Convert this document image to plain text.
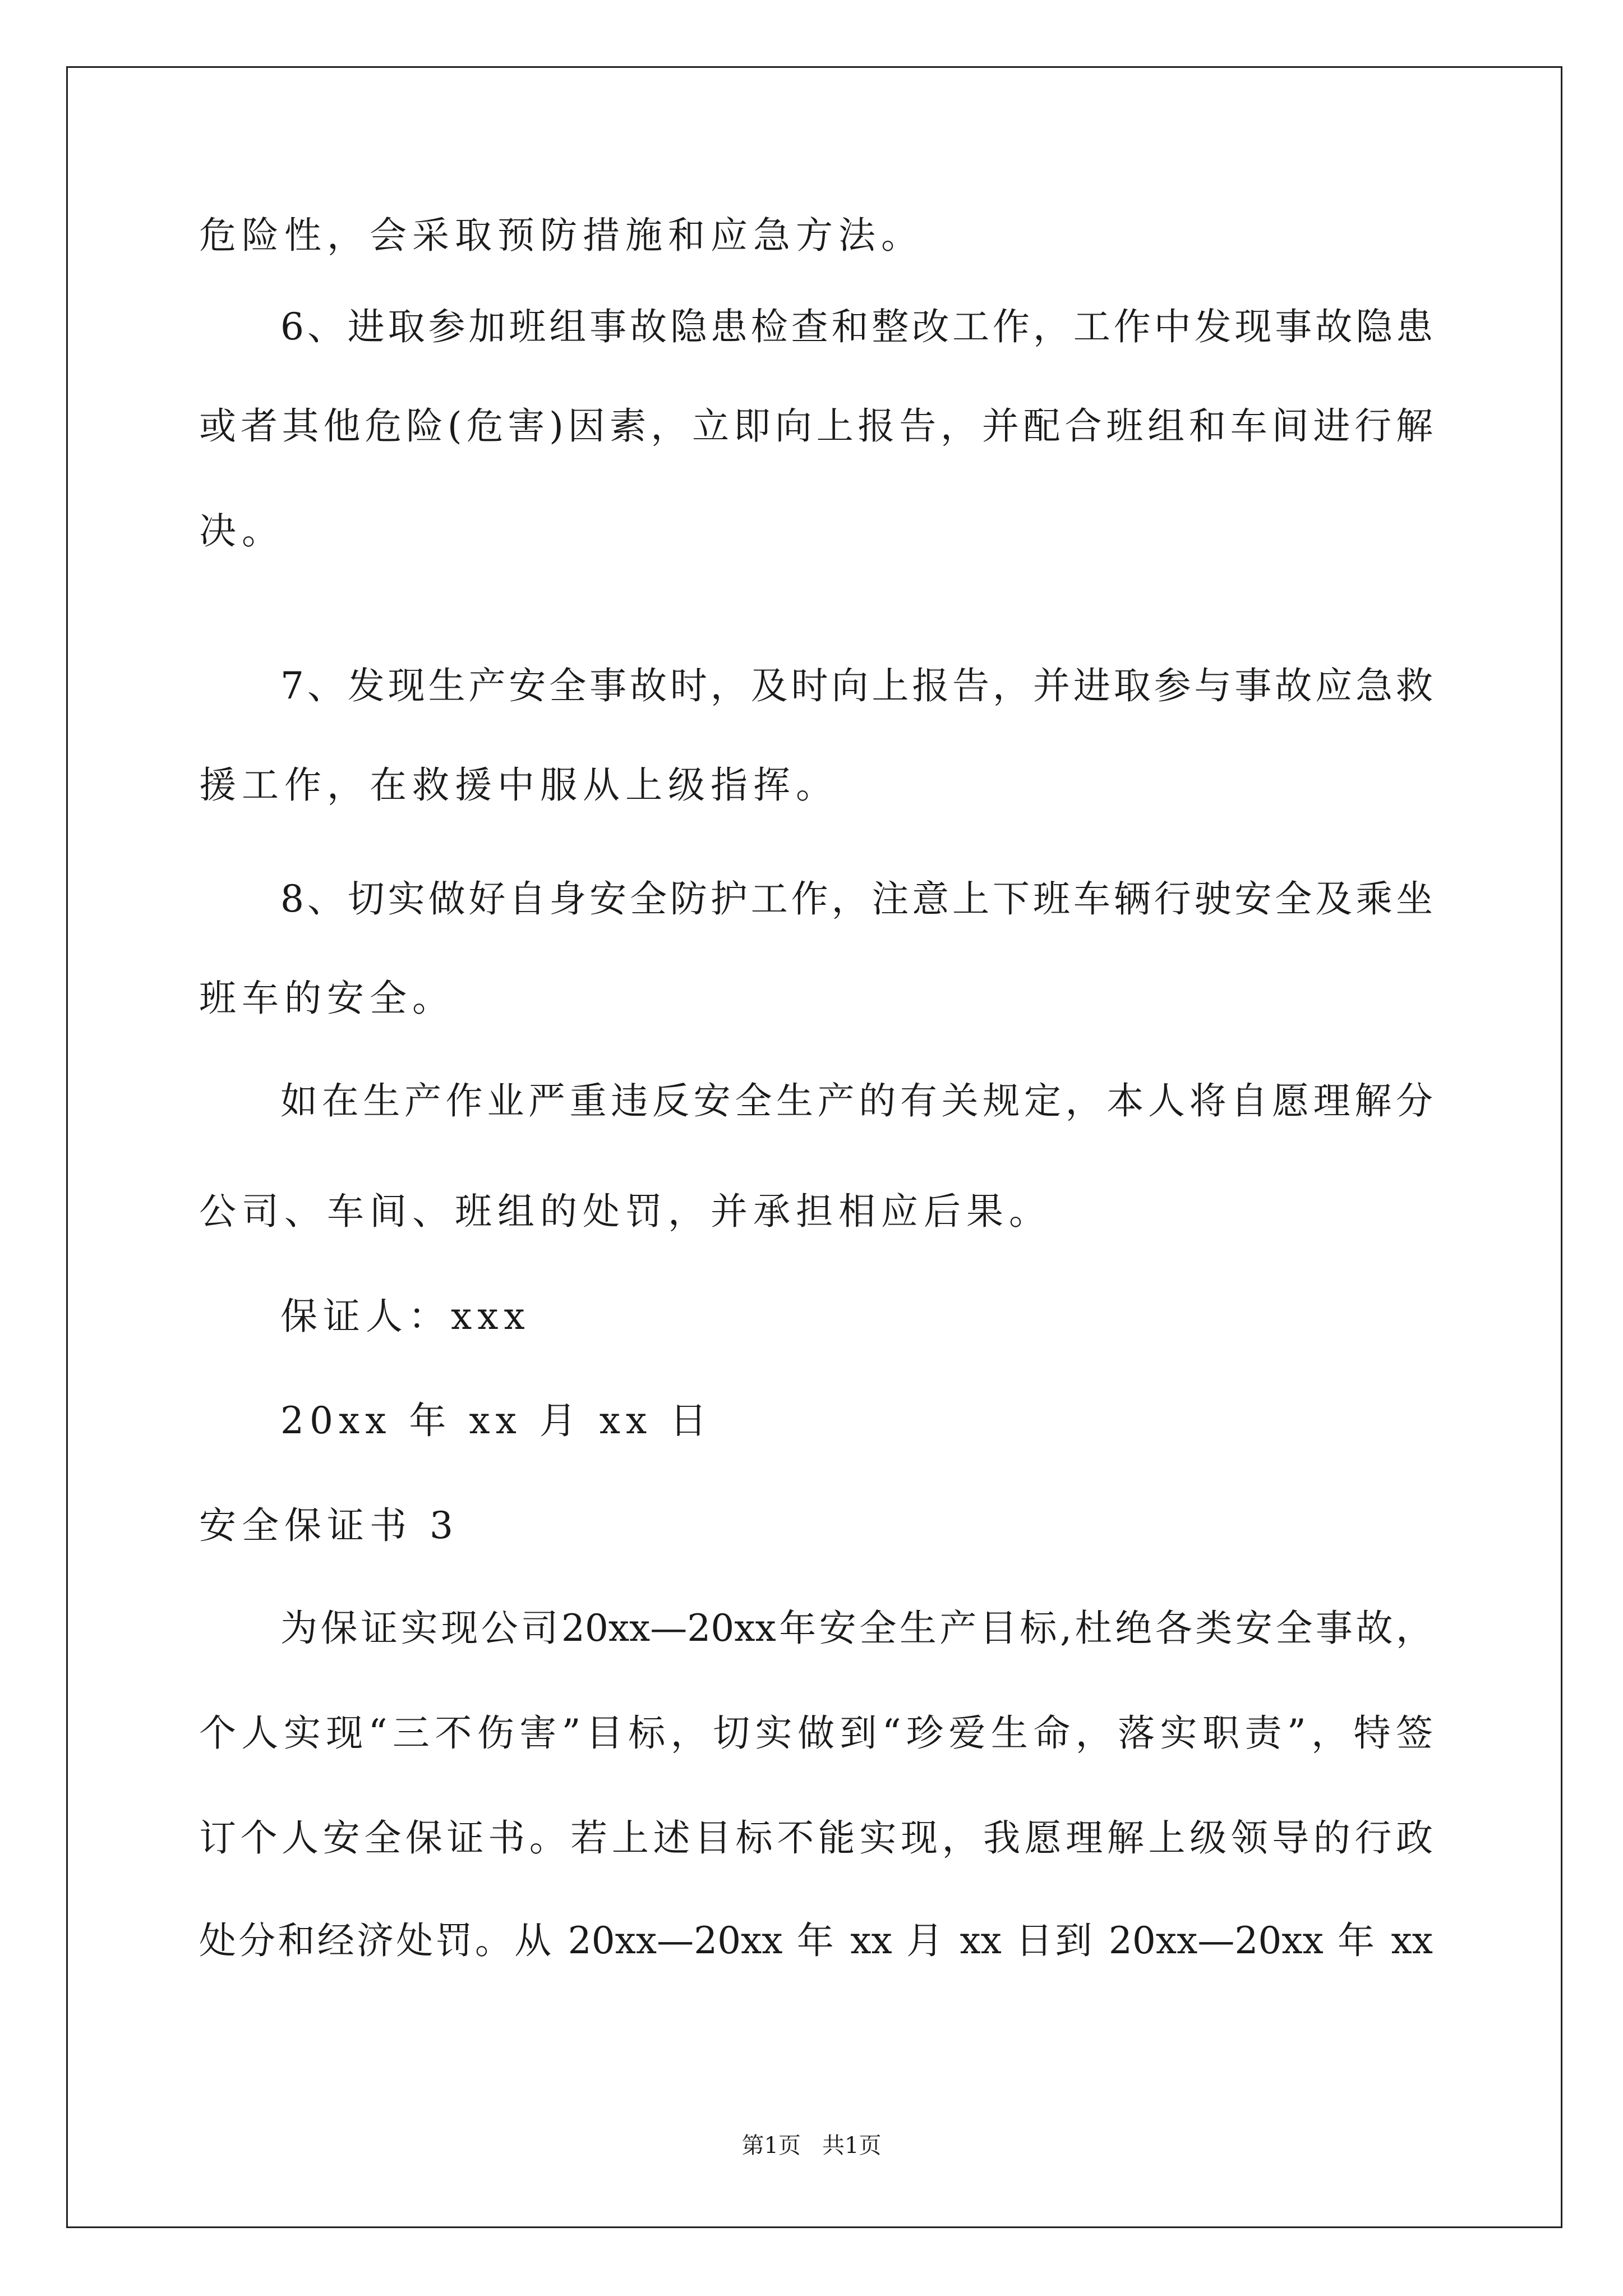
危险性，会采取预防措施和应急方法。
6、进取参加班组事故隐患检查和整改工作，工作中发现事故隐患
或者其他危险(危害)因素，立即向上报告，并配合班组和车间进行解
决。
7、发现生产安全事故时，及时向上报告，并进取参与事故应急救
援工作，在救援中服从上级指挥。
8、切实做好自身安全防护工作，注意上下班车辆行驶安全及乘坐
班车的安全。
如在生产作业严重违反安全生产的有关规定，本人将自愿理解分
公司、车间、班组的处罚，并承担相应后果。
保证人：xxx
20xx 年 xx 月 xx 日
安全保证书 3
为保证实现公司20xx—20xx年安全生产目标,杜绝各类安全事故，
个人实现“三不伤害”目标，切实做到“珍爱生命，落实职责”，特签
订个人安全保证书。若上述目标不能实现，我愿理解上级领导的行政
处分和经济处罚。从 20xx—20xx 年 xx 月 xx 日到 20xx—20xx 年 xx
第1页   共1页
